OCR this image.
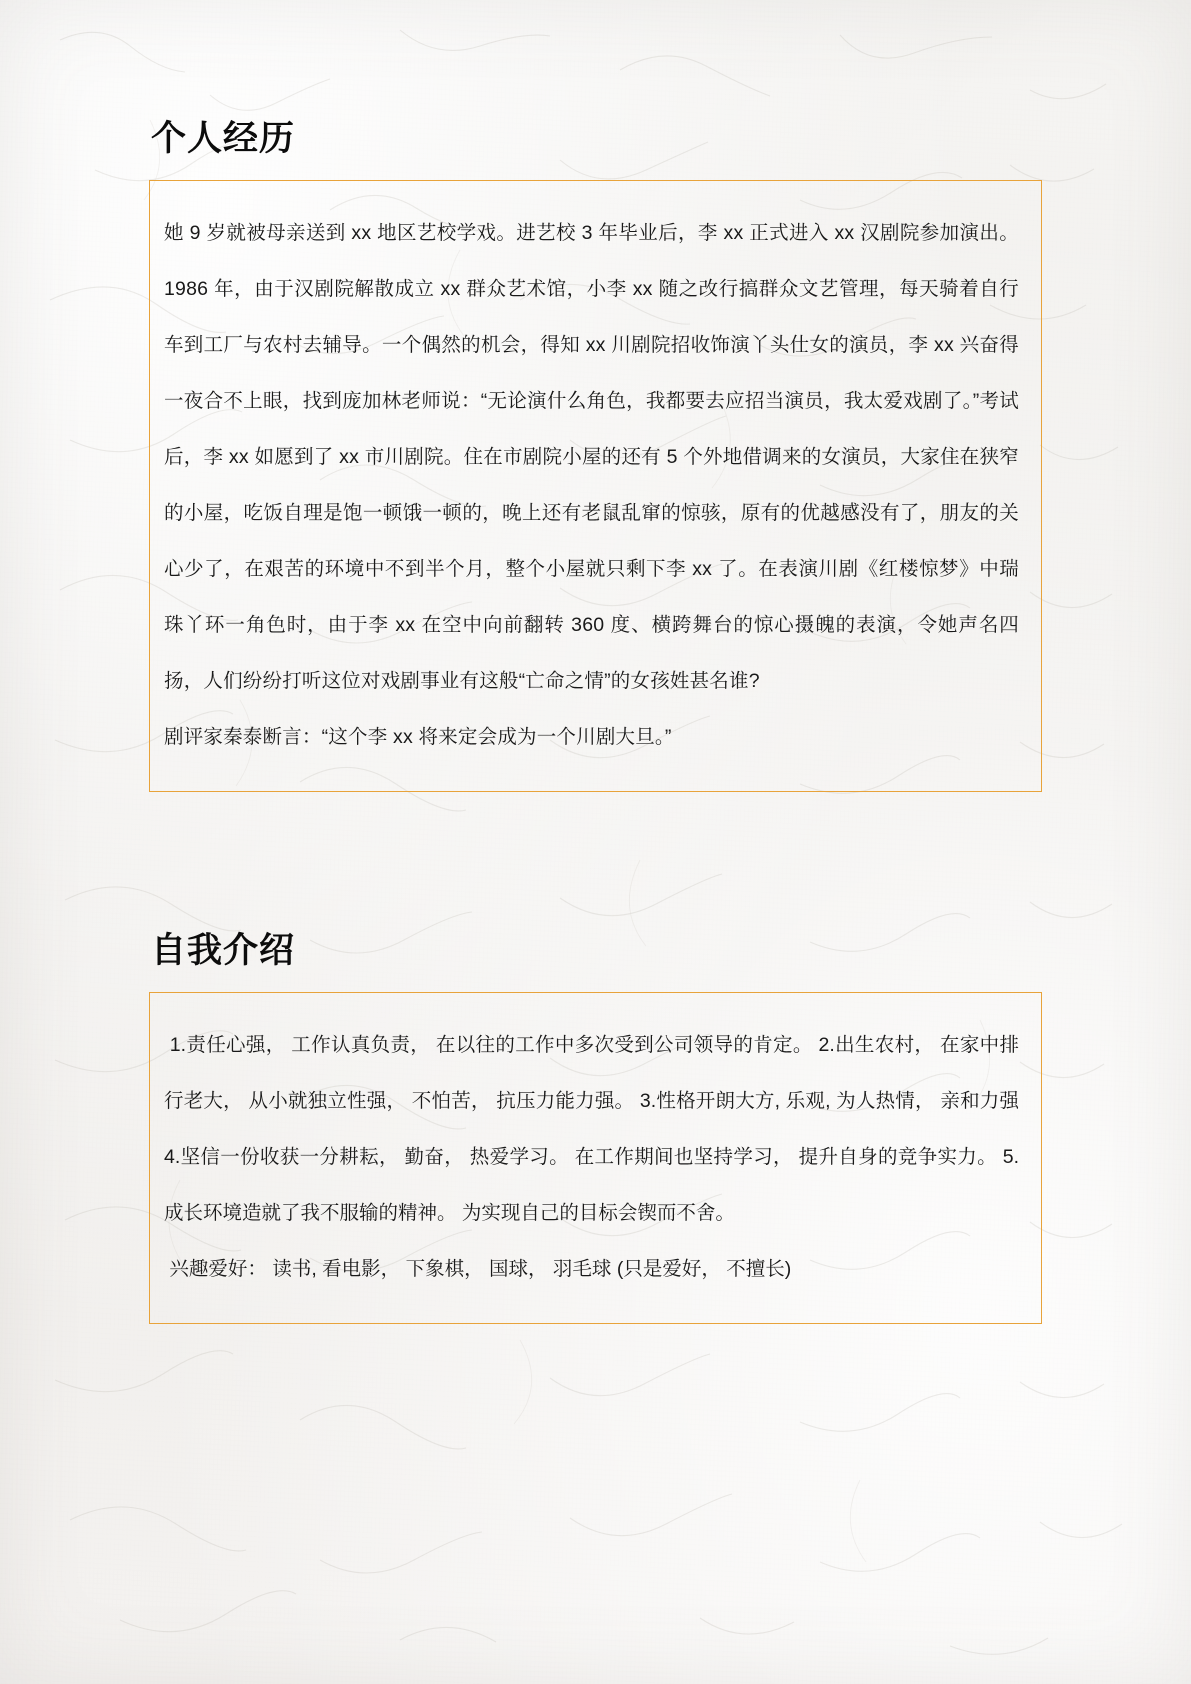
个人经历

她 9 岁就被母亲送到 xx 地区艺校学戏。进艺校 3 年毕业后，李 xx 正式进入 xx 汉剧院参加演出。1986 年，由于汉剧院解散成立 xx 群众艺术馆，小李 xx 随之改行搞群众文艺管理，每天骑着自行车到工厂与农村去辅导。一个偶然的机会，得知 xx 川剧院招收饰演丫头仕女的演员，李 xx 兴奋得一夜合不上眼，找到庞加林老师说：“无论演什么角色，我都要去应招当演员，我太爱戏剧了。”考试后，李 xx 如愿到了 xx 市川剧院。住在市剧院小屋的还有 5 个外地借调来的女演员，大家住在狭窄的小屋，吃饭自理是饱一顿饿一顿的，晚上还有老鼠乱窜的惊骇，原有的优越感没有了，朋友的关心少了，在艰苦的环境中不到半个月，整个小屋就只剩下李 xx 了。在表演川剧《红楼惊梦》中瑞珠丫环一角色时，由于李 xx 在空中向前翻转 360 度、横跨舞台的惊心摄魄的表演，令她声名四扬，人们纷纷打听这位对戏剧事业有这般“亡命之情”的女孩姓甚名谁?

剧评家秦泰断言：“这个李 xx 将来定会成为一个川剧大旦。”

自我介绍

1.责任心强， 工作认真负责， 在以往的工作中多次受到公司领导的肯定。 2.出生农村， 在家中排行老大， 从小就独立性强， 不怕苦， 抗压力能力强。 3.性格开朗大方, 乐观, 为人热情， 亲和力强 4.坚信一份收获一分耕耘， 勤奋， 热爱学习。 在工作期间也坚持学习， 提升自身的竞争实力。 5. 成长环境造就了我不服输的精神。 为实现自己的目标会锲而不舍。

兴趣爱好： 读书, 看电影， 下象棋， 国球， 羽毛球 (只是爱好， 不擅长)
